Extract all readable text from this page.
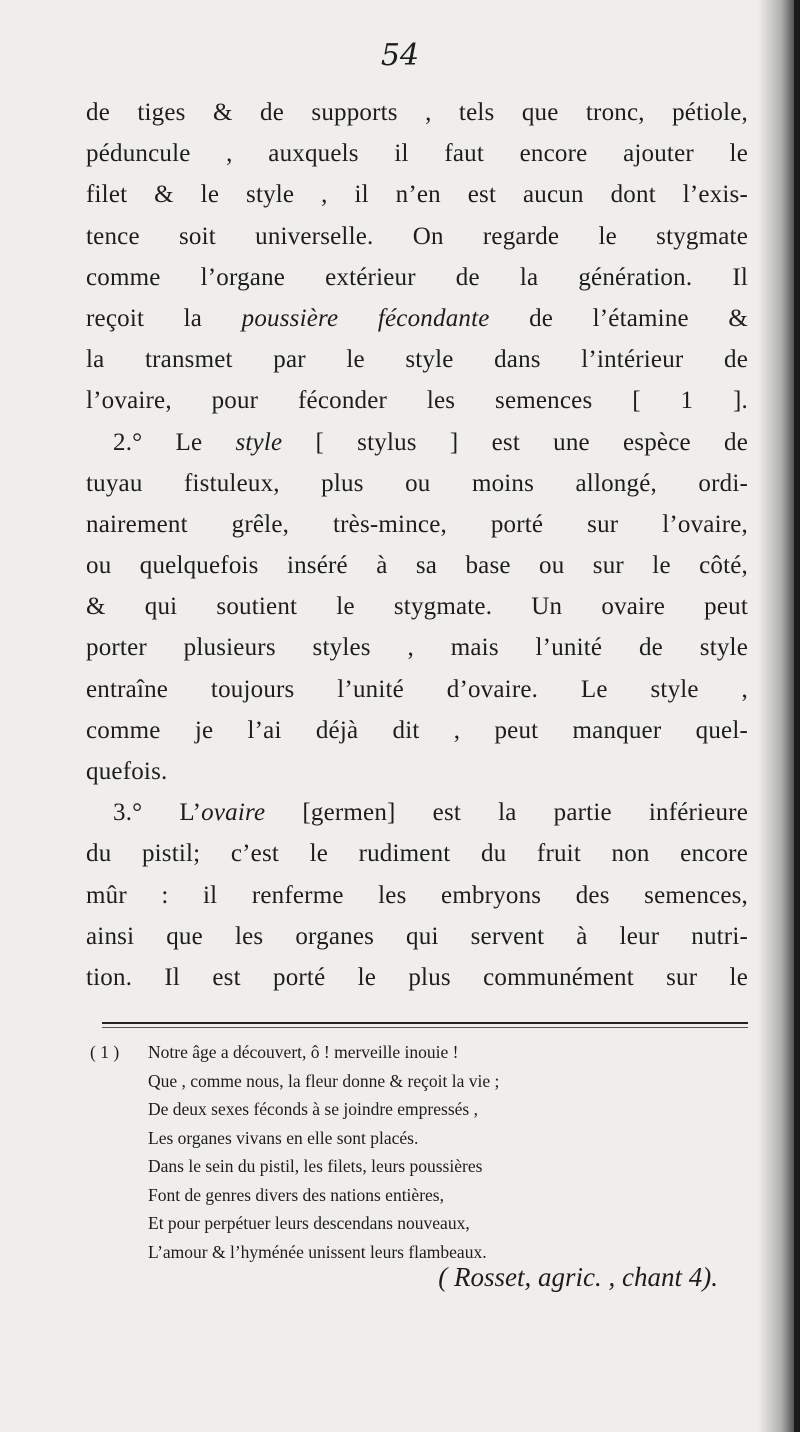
54
de tiges & de supports , tels que tronc, pétiole,
péduncule , auxquels il faut encore ajouter le
filet & le style , il n’en est aucun dont l’exis-
tence soit universelle. On regarde le stygmate
comme l’organe extérieur de la génération. Il
reçoit la poussière fécondante de l’étamine &
la transmet par le style dans l’intérieur de
l’ovaire, pour féconder les semences [ 1 ].
2.° Le style [ stylus ] est une espèce de
tuyau fistuleux, plus ou moins allongé, ordi-
nairement grêle, très-mince, porté sur l’ovaire,
ou quelquefois inséré à sa base ou sur le côté,
& qui soutient le stygmate. Un ovaire peut
porter plusieurs styles , mais l’unité de style
entraîne toujours l’unité d’ovaire. Le style ,
comme je l’ai déjà dit , peut manquer quel-
quefois.
3.° L’ovaire [germen] est la partie inférieure
du pistil; c’est le rudiment du fruit non encore
mûr : il renferme les embryons des semences,
ainsi que les organes qui servent à leur nutri-
tion. Il est porté le plus communément sur le
( 1 ) Notre âge a découvert, ô ! merveille inouie !
Que , comme nous, la fleur donne & reçoit la vie ;
De deux sexes féconds à se joindre empressés ,
Les organes vivans en elle sont placés.
Dans le sein du pistil, les filets, leurs poussières
Font de genres divers des nations entières,
Et pour perpétuer leurs descendans nouveaux,
L’amour & l’hyménée unissent leurs flambeaux.
( Rosset, agric. , chant 4).
